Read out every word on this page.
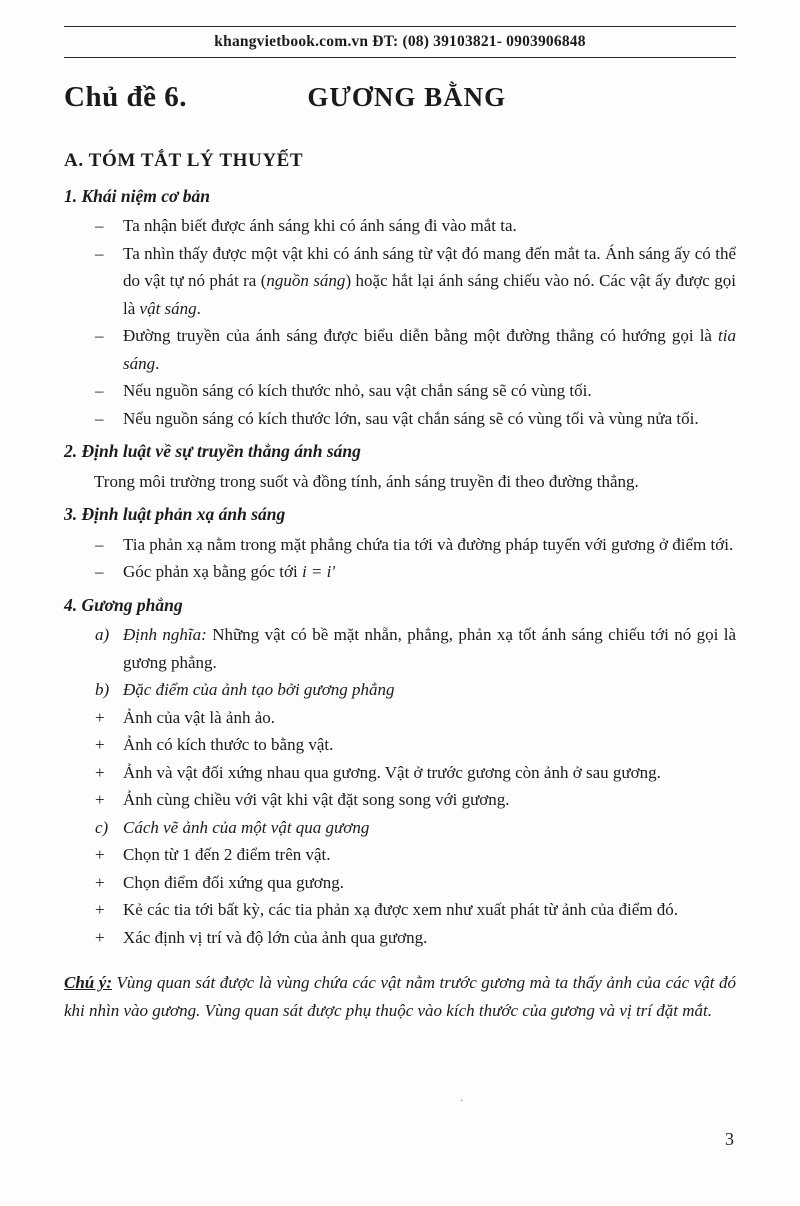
khangvietbook.com.vn ĐT: (08) 39103821- 0903906848
Chủ đề 6.	GƯƠNG BẰNG
A. TÓM TẮT LÝ THUYẾT
1. Khái niệm cơ bản
–	Ta nhận biết được ánh sáng khi có ánh sáng đi vào mắt ta.
–	Ta nhìn thấy được một vật khi có ánh sáng từ vật đó mang đến mắt ta. Ánh sáng ấy có thể do vật tự nó phát ra (nguồn sáng) hoặc hắt lại ánh sáng chiếu vào nó. Các vật ấy được gọi là vật sáng.
–	Đường truyền của ánh sáng được biểu diễn bằng một đường thẳng có hướng gọi là tia sáng.
–	Nếu nguồn sáng có kích thước nhỏ, sau vật chắn sáng sẽ có vùng tối.
–	Nếu nguồn sáng có kích thước lớn, sau vật chắn sáng sẽ có vùng tối và vùng nửa tối.
2. Định luật về sự truyền thẳng ánh sáng
Trong môi trường trong suốt và đồng tính, ánh sáng truyền đi theo đường thẳng.
3. Định luật phản xạ ánh sáng
–	Tia phản xạ nằm trong mặt phẳng chứa tia tới và đường pháp tuyến với gương ở điểm tới.
–	Góc phản xạ bằng góc tới i = i'
4. Gương phẳng
a) Định nghĩa: Những vật có bề mặt nhẵn, phẳng, phản xạ tốt ánh sáng chiếu tới nó gọi là gương phẳng.
b) Đặc điểm của ảnh tạo bởi gương phẳng
+	Ảnh của vật là ảnh ảo.
+	Ảnh có kích thước to bằng vật.
+	Ảnh và vật đối xứng nhau qua gương. Vật ở trước gương còn ảnh ở sau gương.
+	Ảnh cùng chiều với vật khi vật đặt song song với gương.
c) Cách vẽ ảnh của một vật qua gương
+	Chọn từ 1 đến 2 điểm trên vật.
+	Chọn điểm đối xứng qua gương.
+	Kẻ các tia tới bất kỳ, các tia phản xạ được xem như xuất phát từ ảnh của điểm đó.
+	Xác định vị trí và độ lớn của ảnh qua gương.
Chú ý: Vùng quan sát được là vùng chứa các vật nằm trước gương mà ta thấy ảnh của các vật đó khi nhìn vào gương. Vùng quan sát được phụ thuộc vào kích thước của gương và vị trí đặt mắt.
·
3
